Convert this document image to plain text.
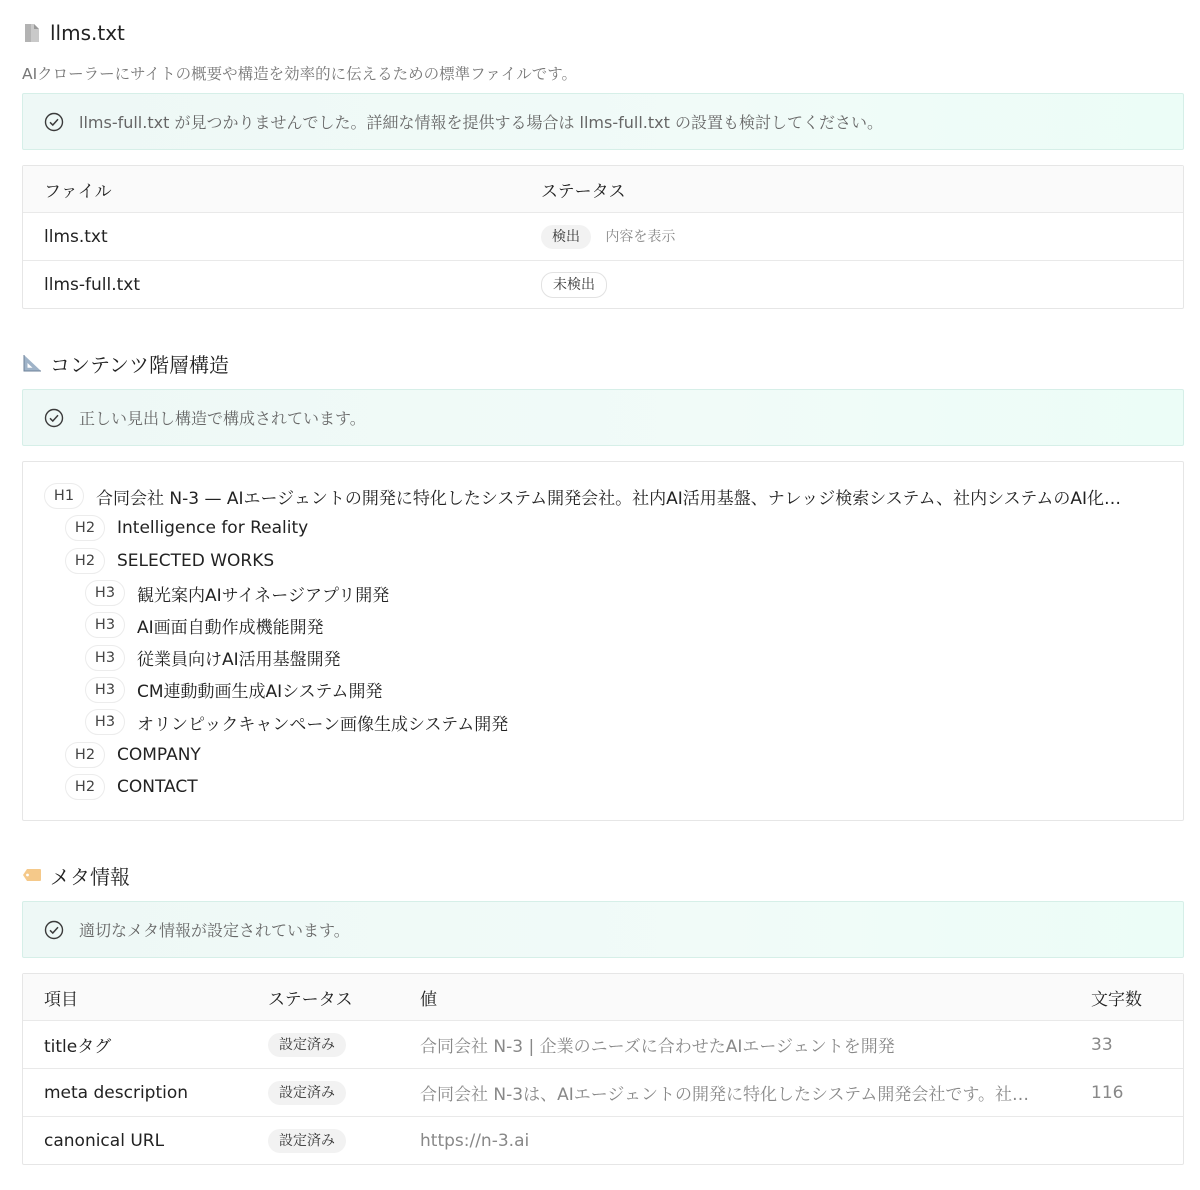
llms.txt
AIクローラーにサイトの概要や構造を効率的に伝えるための標準ファイルです。
llms-full.txt が見つかりませんでした。詳細な情報を提供する場合は llms-full.txt の設置も検討してください。
ファイル	ステータス
llms.txt	検出 内容を表示
llms-full.txt	未検出
コンテンツ階層構造
正しい見出し構造で構成されています。
H1	合同会社 N-3 — AIエージェントの開発に特化したシステム開発会社。社内AI活用基盤、ナレッジ検索システム、社内システムのAI化…
H2	Intelligence for Reality
H2	SELECTED WORKS
H3	観光案内AIサイネージアプリ開発
H3	AI画面自動作成機能開発
H3	従業員向けAI活用基盤開発
H3	CM連動動画生成AIシステム開発
H3	オリンピックキャンペーン画像生成システム開発
H2	COMPANY
H2	CONTACT
メタ情報
適切なメタ情報が設定されています。
項目	ステータス	値	文字数
titleタグ	設定済み	合同会社 N-3 | 企業のニーズに合わせたAIエージェントを開発	33
meta description	設定済み	合同会社 N-3は、AIエージェントの開発に特化したシステム開発会社です。社…	116
canonical URL	設定済み	https://n-3.ai
